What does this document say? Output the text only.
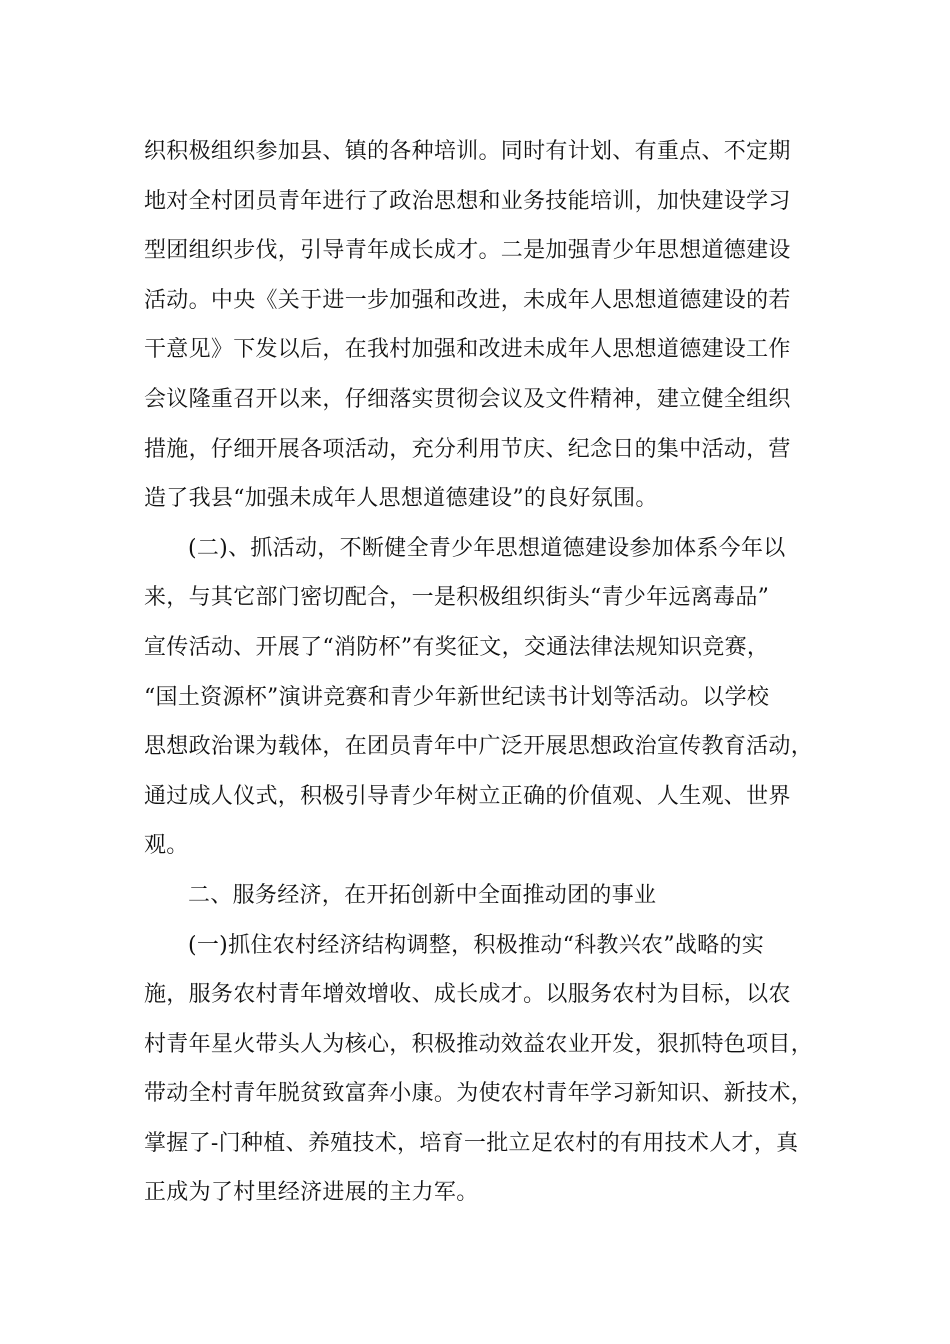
织积极组织参加县、镇的各种培训。同时有计划、有重点、不定期
地对全村团员青年进行了政治思想和业务技能培训，加快建设学习
型团组织步伐，引导青年成长成才。二是加强青少年思想道德建设
活动。中央《关于进一步加强和改进，未成年人思想道德建设的若
干意见》下发以后，在我村加强和改进未成年人思想道德建设工作
会议隆重召开以来，仔细落实贯彻会议及文件精神，建立健全组织
措施，仔细开展各项活动，充分利用节庆、纪念日的集中活动，营
造了我县“加强未成年人思想道德建设”的良好氛围。
(二)、抓活动，不断健全青少年思想道德建设参加体系今年以
来，与其它部门密切配合，一是积极组织街头“青少年远离毒品”
宣传活动、开展了“消防杯”有奖征文，交通法律法规知识竞赛，
“国土资源杯”演讲竞赛和青少年新世纪读书计划等活动。以学校
思想政治课为载体，在团员青年中广泛开展思想政治宣传教育活动，
通过成人仪式，积极引导青少年树立正确的价值观、人生观、世界
观。
二、服务经济，在开拓创新中全面推动团的事业
(一)抓住农村经济结构调整，积极推动“科教兴农”战略的实
施，服务农村青年增效增收、成长成才。以服务农村为目标，以农
村青年星火带头人为核心，积极推动效益农业开发，狠抓特色项目，
带动全村青年脱贫致富奔小康。为使农村青年学习新知识、新技术，
掌握了-门种植、养殖技术，培育一批立足农村的有用技术人才，真
正成为了村里经济进展的主力军。
